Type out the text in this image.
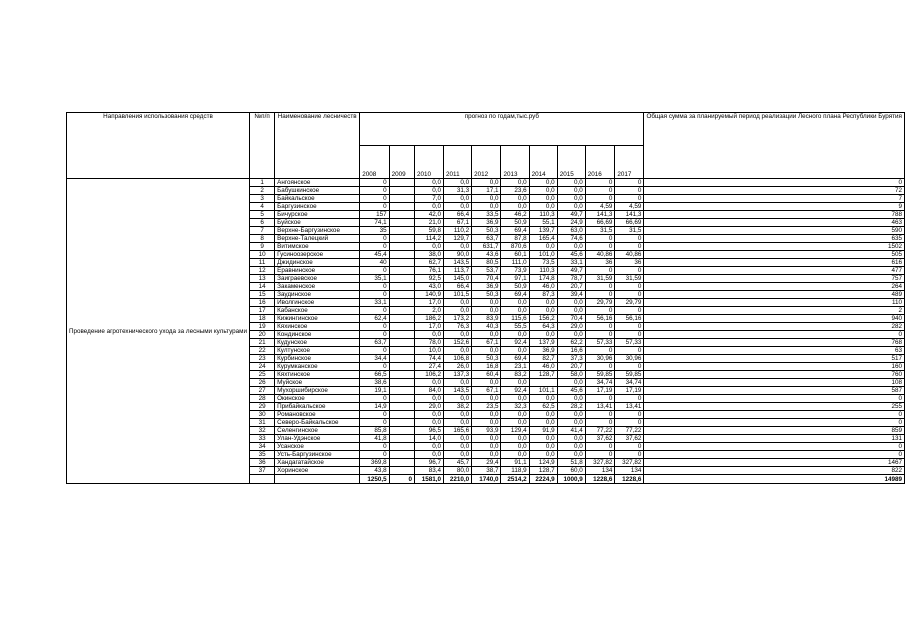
Направления использования средств	№п/п	Наименование лесничеств	прогноз по годам,тыс.руб										Общая сумма за планируемый период реализации Лесного плана Республики Бурятия
			2008	2009	2010	2011	2012	2013	2014	2015	2016	2017	
Проведение агротехнического ухода за лесными культурами	1	Ангоянское	0		0,0	0,0	0,0	0,0	0,0	0,0	0	0	0
	2	Бабушкинское	0		0,0	31,3	17,1	23,6	0,0	0,0	0	0	72
	3	Байкальское	0		7,0	0,0	0,0	0,0	0,0	0,0	0	0	7
	4	Баргузинское	0		0,0	0,0	0,0	0,0	0,0	0,0	4,59	4,59	9
	5	Бичурское	157		42,0	66,4	33,5	46,2	110,3	49,7	141,3	141,3	788
	6	Буйское	74,1		21,0	67,1	36,9	50,9	55,1	24,9	66,69	66,69	463
	7	Верхне-Баргузинское	35		59,8	110,2	50,3	69,4	139,7	63,0	31,5	31,5	590
	8	Верхне-Талецкий	0		114,2	129,7	63,7	87,8	165,4	74,6	0	0	635
	9	Витимское	0		0,0	0,0	631,7	870,6	0,0	0,0	0	0	1502
	10	Гусиноозерское	45,4		38,0	90,0	43,6	60,1	101,0	45,6	40,86	40,86	505
	11	Джидинское	40		62,7	143,5	80,5	111,0	73,5	33,1	36	36	616
	12	Еравнинское	0		76,1	113,7	53,7	73,9	110,3	49,7	0	0	477
	13	Заиграевское	35,1		92,5	145,0	70,4	97,1	174,8	78,7	31,59	31,59	757
	14	Закаменское	0		43,0	66,4	36,9	50,9	46,0	20,7	0	0	264
	15	Заудинское	0		140,9	101,5	50,3	69,4	87,3	39,4	0	0	489
	16	Иволгинское	33,1		17,0	0,0	0,0	0,0	0,0	0,0	29,79	29,79	110
	17	Кабанское	0		2,0	0,0	0,0	0,0	0,0	0,0	0	0	2
	18	Кижингинское	62,4		186,2	173,2	83,9	115,6	156,2	70,4	56,16	56,16	940
	19	Кяхинское	0		17,0	76,3	40,3	55,5	64,3	29,0	0	0	282
	20	Кондинское	0		0,0	0,0	0,0	0,0	0,0	0,0	0	0	0
	21	Кудунское	63,7		78,0	152,6	67,1	92,4	137,9	62,2	57,33	57,33	768
	22	Култунское	0		10,0	0,0	0,0	0,0	36,9	16,6	0	0	63
	23	Курбинское	34,4		74,4	106,8	50,3	69,4	82,7	37,3	30,96	30,96	517
	24	Курумканское	0		27,4	26,0	16,8	23,1	46,0	20,7	0	0	160
	25	Кяхтинское	66,5		106,2	137,3	60,4	83,2	128,7	58,0	59,85	59,85	760
	26	Муйское	38,6		0,0	0,0	0,0	0,0		0,0	34,74	34,74	108
	27	Мухоршибирское	19,1		84,0	143,5	67,1	92,4	101,1	45,6	17,19	17,19	587
	28	Окинское	0		0,0	0,0	0,0	0,0	0,0	0,0	0	0	0
	29	Прибайкальское	14,9		29,0	38,2	23,5	32,3	62,5	28,2	13,41	13,41	255
	30	Романовское	0		0,0	0,0	0,0	0,0	0,0	0,0	0	0	0
	31	Северо-Байкальское	0		0,0	0,0	0,0	0,0	0,0	0,0	0	0	0
	32	Селенгинское	85,8		96,5	165,6	93,9	129,4	91,9	41,4	77,22	77,22	859
	33	Улан-Удэнское	41,8		14,0	0,0	0,0	0,0	0,0	0,0	37,62	37,62	131
	34	Усанское	0		0,0	0,0	0,0	0,0	0,0	0,0	0	0	0
	35	Усть-Баргузинское	0		0,0	0,0	0,0	0,0	0,0	0,0	0	0	0
	36	Хандагатайское	369,8		96,7	45,7	29,4	91,1	124,9	51,8	327,82	327,82	1467
	37	Хоринское	43,8		83,4	80,0	38,7	118,9	128,7	60,0	134	134	822
			1250,5	0	1581,0	2210,0	1740,0	2514,2	2224,9	1000,9	1228,6	1228,6	14989
